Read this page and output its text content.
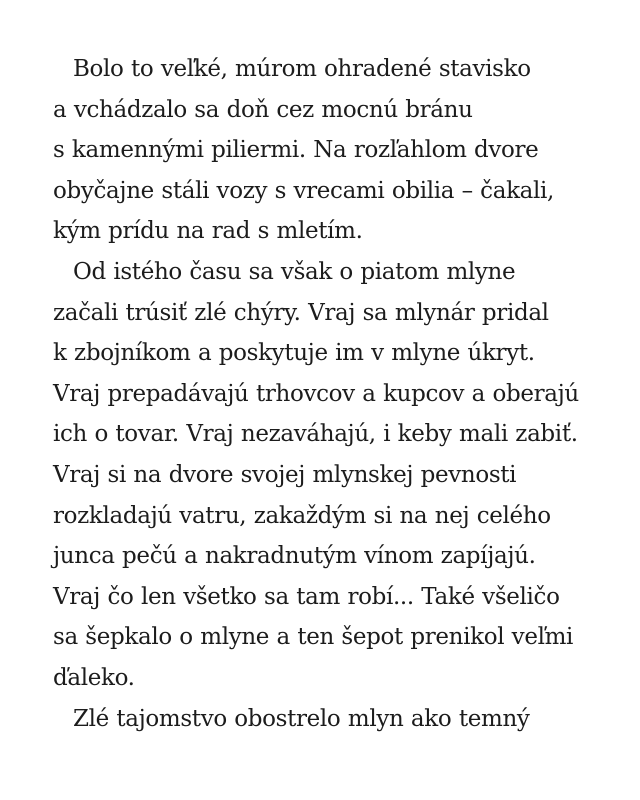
Bolo to veľké, múrom ohradené stavisko
a vchádzalo sa doň cez mocnú bránu
s kamennými piliermi. Na rozľahlom dvore
obyčajne stáli vozy s vrecami obilia – čakali,
kým prídu na rad s mletím.
Od istého času sa však o piatom mlyne
začali trúsiť zlé chýry. Vraj sa mlynár pridal
k zbojníkom a poskytuje im v mlyne úkryt.
Vraj prepadávajú trhovcov a kupcov a oberajú
ich o tovar. Vraj nezaváhajú, i keby mali zabiť.
Vraj si na dvore svojej mlynskej pevnosti
rozkladajú vatru, zakaždým si na nej celého
junca pečú a nakradnutým vínom zapíjajú.
Vraj čo len všetko sa tam robí... Také všeličo
sa šepkalo o mlyne a ten šepot prenikol veľmi
ďaleko.
Zlé tajomstvo obostrelo mlyn ako temný
